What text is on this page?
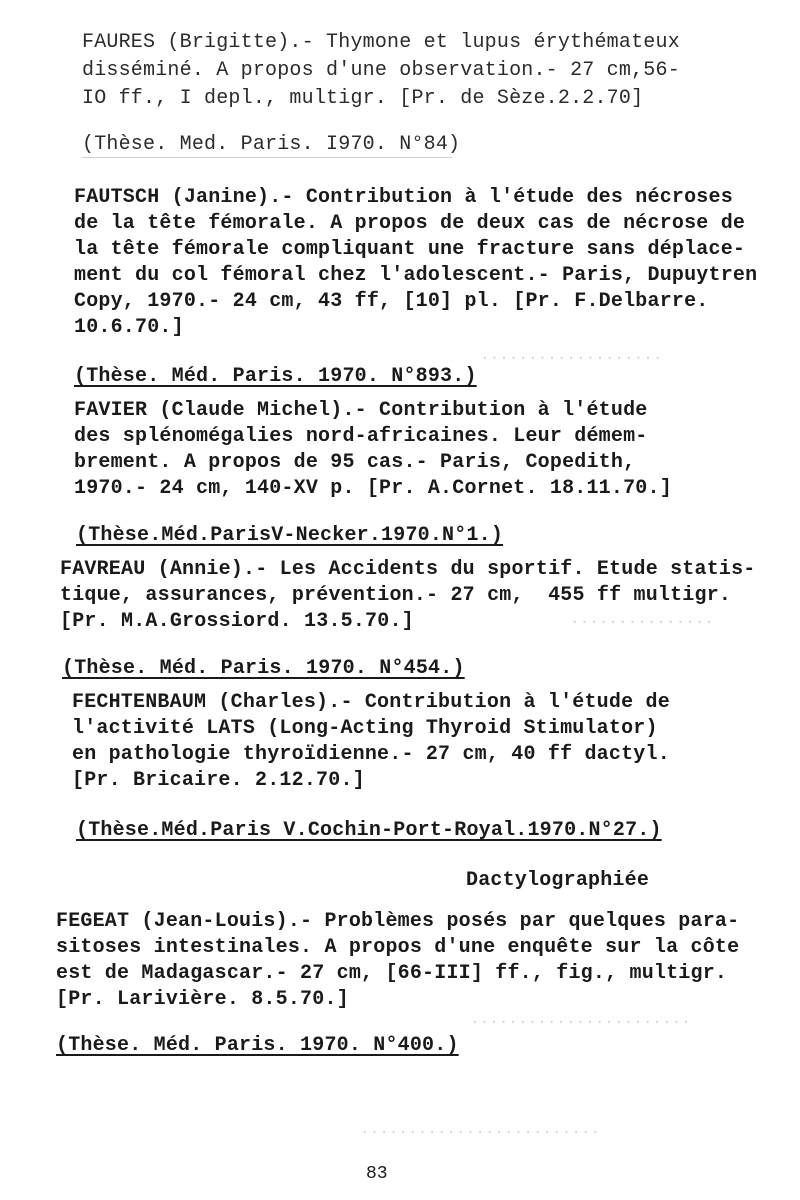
...................
...............
.......................
.........................
FAURES (Brigitte).- Thymone et lupus érythémateux
disséminé. A propos d'une observation.- 27 cm,56-
IO ff., I depl., multigr. [Pr. de Sèze.2.2.70]
(Thèse. Med. Paris. I970. N°84)
FAUTSCH (Janine).- Contribution à l'étude des nécroses
de la tête fémorale. A propos de deux cas de nécrose de
la tête fémorale compliquant une fracture sans déplace-
ment du col fémoral chez l'adolescent.- Paris, Dupuytren
Copy, 1970.- 24 cm, 43 ff, [10] pl. [Pr. F.Delbarre.
10.6.70.]
(Thèse. Méd. Paris. 1970. N°893.)
FAVIER (Claude Michel).- Contribution à l'étude
des splénomégalies nord-africaines. Leur démem-
brement. A propos de 95 cas.- Paris, Copedith,
1970.- 24 cm, 140-XV p. [Pr. A.Cornet. 18.11.70.]
(Thèse.Méd.ParisV-Necker.1970.N°1.)
FAVREAU (Annie).- Les Accidents du sportif. Etude statis-
tique, assurances, prévention.- 27 cm,  455 ff multigr.
[Pr. M.A.Grossiord. 13.5.70.]
(Thèse. Méd. Paris. 1970. N°454.)
FECHTENBAUM (Charles).- Contribution à l'étude de
l'activité LATS (Long-Acting Thyroid Stimulator)
en pathologie thyroïdienne.- 27 cm, 40 ff dactyl.
[Pr. Bricaire. 2.12.70.]
(Thèse.Méd.Paris V.Cochin-Port-Royal.1970.N°27.)
Dactylographiée
FEGEAT (Jean-Louis).- Problèmes posés par quelques para-
sitoses intestinales. A propos d'une enquête sur la côte
est de Madagascar.- 27 cm, [66-III] ff., fig., multigr.
[Pr. Larivière. 8.5.70.]
(Thèse. Méd. Paris. 1970. N°400.)
83
